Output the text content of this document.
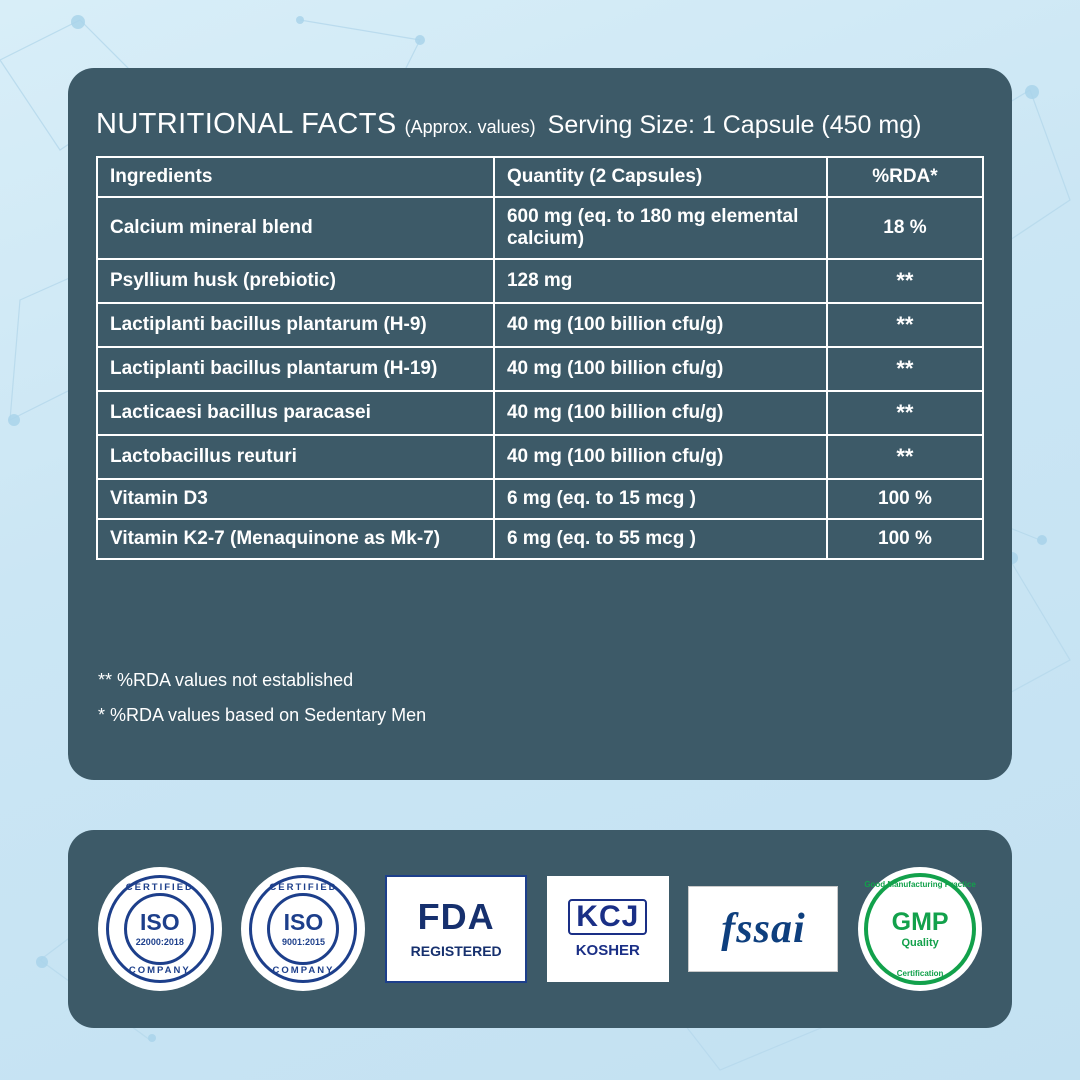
NUTRITIONAL FACTS (Approx. values) Serving Size: 1 Capsule (450 mg)
Ingredients	Quantity (2 Capsules)	%RDA*
Calcium mineral blend	600 mg (eq. to 180 mg elemental calcium)	18 %
Psyllium husk (prebiotic)	128 mg	**
Lactiplanti bacillus plantarum (H-9)	40 mg (100 billion cfu/g)	**
Lactiplanti bacillus plantarum (H-19)	40 mg (100 billion cfu/g)	**
Lacticaesi bacillus paracasei	40 mg (100 billion cfu/g)	**
Lactobacillus reuturi	40 mg (100 billion cfu/g)	**
Vitamin D3	6 mg (eq. to 15 mcg )	100 %
Vitamin K2-7 (Menaquinone as Mk-7)	6 mg (eq. to 55 mcg )	100 %
** %RDA values not established
* %RDA values based on Sedentary Men
CERTIFIED
ISO
22000:2018
COMPANY
CERTIFIED
ISO
9001:2015
COMPANY
FDA
REGISTERED
KCJ
KOSHER fssai
Good Manufacturing Practice
GMP
Quality
Certification
